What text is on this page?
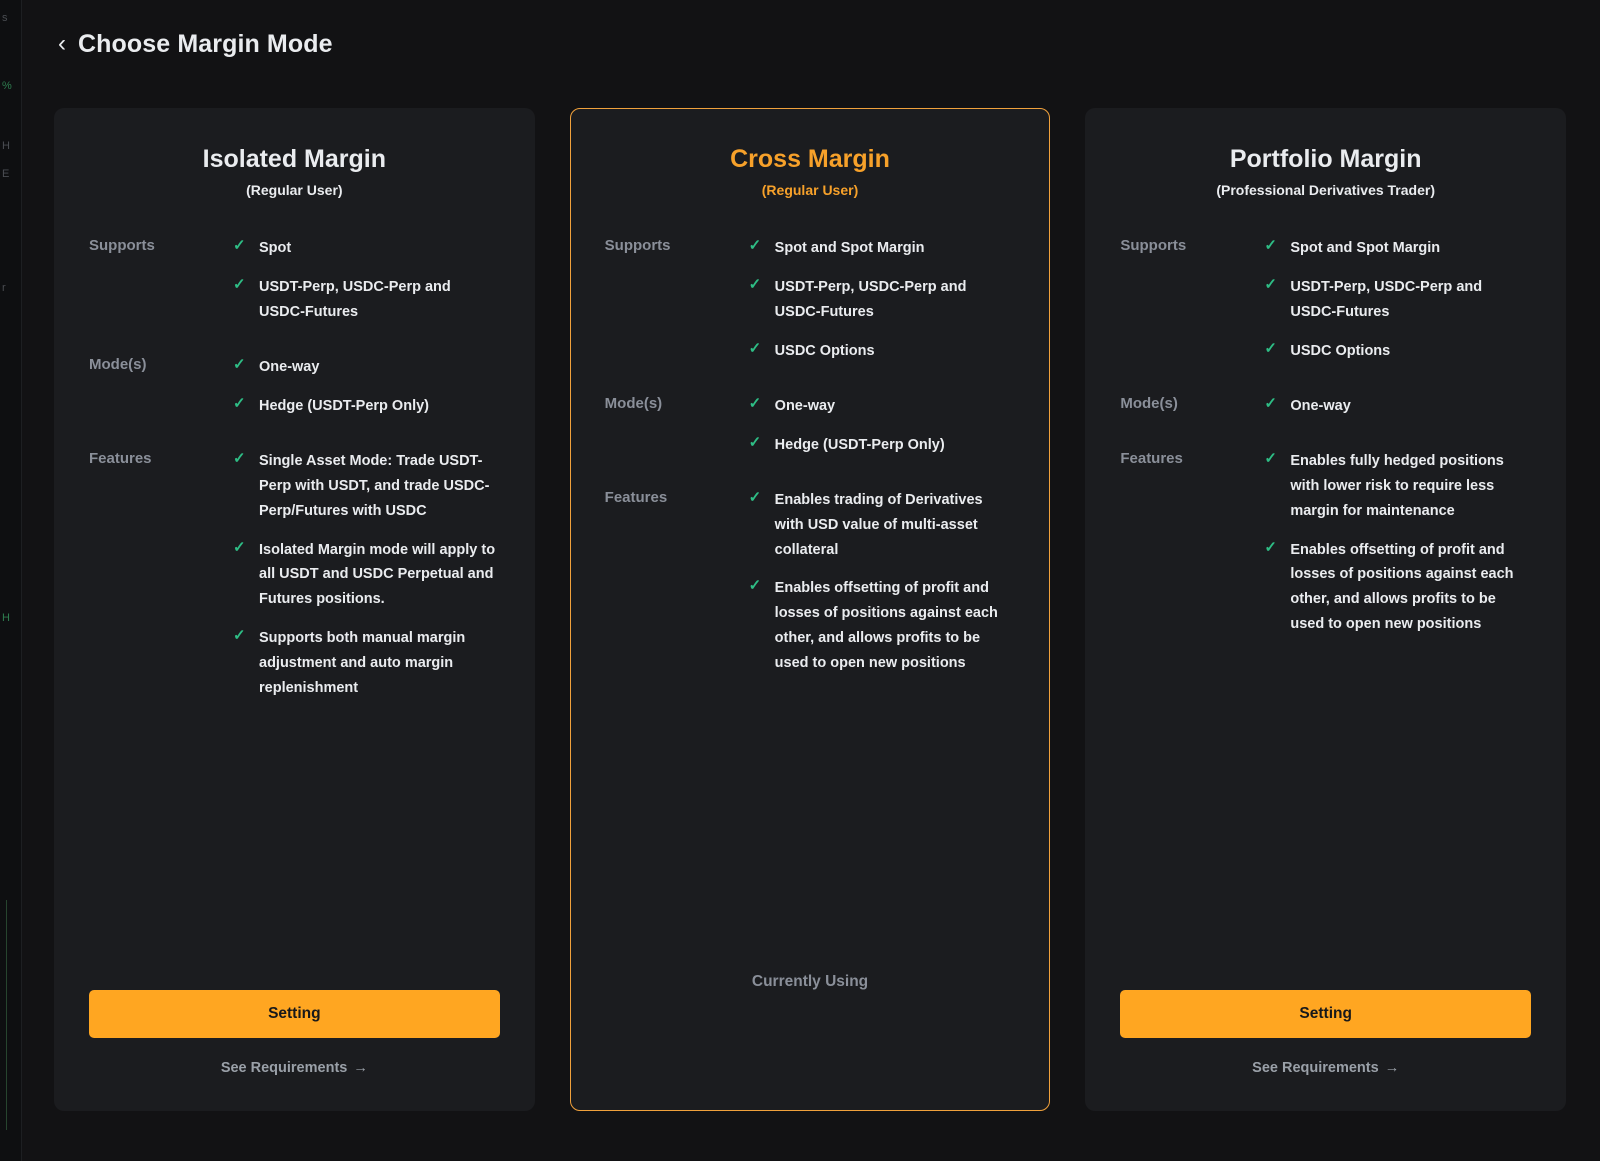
s
%
H
E
r
H
‹ Choose Margin Mode
Isolated Margin
(Regular User)
Supports	✓ Spot
✓ USDT-Perp, USDC-Perp and USDC-Futures
Mode(s)	✓ One-way
✓ Hedge (USDT-Perp Only)
Features	✓ Single Asset Mode: Trade USDT-Perp with USDT, and trade USDC-Perp/Futures with USDC
✓ Isolated Margin mode will apply to all USDT and USDC Perpetual and Futures positions.
✓ Supports both manual margin adjustment and auto margin replenishment
Setting
See Requirements →
Cross Margin
(Regular User)
Supports	✓ Spot and Spot Margin
✓ USDT-Perp, USDC-Perp and USDC-Futures
✓ USDC Options
Mode(s)	✓ One-way
✓ Hedge (USDT-Perp Only)
Features	✓ Enables trading of Derivatives with USD value of multi-asset collateral
✓ Enables offsetting of profit and losses of positions against each other, and allows profits to be used to open new positions
Currently Using
Portfolio Margin
(Professional Derivatives Trader)
Supports	✓ Spot and Spot Margin
✓ USDT-Perp, USDC-Perp and USDC-Futures
✓ USDC Options
Mode(s)	✓ One-way
Features	✓ Enables fully hedged positions with lower risk to require less margin for maintenance
✓ Enables offsetting of profit and losses of positions against each other, and allows profits to be used to open new positions
Setting
See Requirements →
